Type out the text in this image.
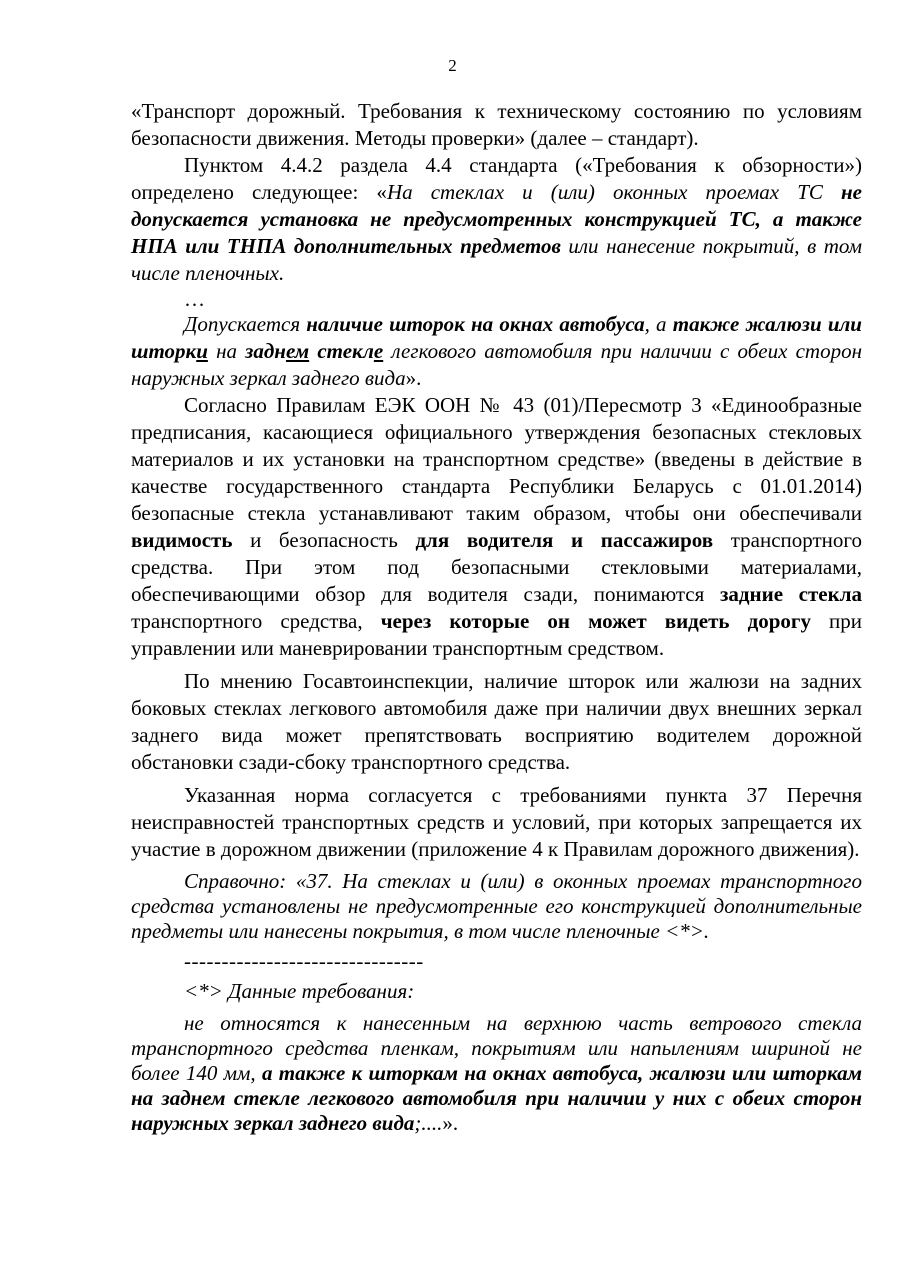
2

«Транспорт дорожный. Требования к техническому состоянию по условиям безопасности движения. Методы проверки» (далее – стандарт).

Пунктом 4.4.2 раздела 4.4 стандарта («Требования к обзорности») определено следующее: «На стеклах и (или) оконных проемах ТС не допускается установка не предусмотренных конструкцией ТС, а также НПА или ТНПА дополнительных предметов или нанесение покрытий, в том числе пленочных.

…

Допускается наличие шторок на окнах автобуса, а также жалюзи или шторки на заднем стекле легкового автомобиля при наличии с обеих сторон наружных зеркал заднего вида».

Согласно Правилам ЕЭК ООН № 43 (01)/Пересмотр 3 «Единообразные предписания, касающиеся официального утверждения безопасных стекловых материалов и их установки на транспортном средстве» (введены в действие в качестве государственного стандарта Республики Беларусь с 01.01.2014) безопасные стекла устанавливают таким образом, чтобы они обеспечивали видимость и безопасность для водителя и пассажиров транспортного средства. При этом под безопасными стекловыми материалами, обеспечивающими обзор для водителя сзади, понимаются задние стекла транспортного средства, через которые он может видеть дорогу при управлении или маневрировании транспортным средством.

По мнению Госавтоинспекции, наличие шторок или жалюзи на задних боковых стеклах легкового автомобиля даже при наличии двух внешних зеркал заднего вида может препятствовать восприятию водителем дорожной обстановки сзади-сбоку транспортного средства.

Указанная норма согласуется с требованиями пункта 37 Перечня неисправностей транспортных средств и условий, при которых запрещается их участие в дорожном движении (приложение 4 к Правилам дорожного движения).

Справочно: «37. На стеклах и (или) в оконных проемах транспортного средства установлены не предусмотренные его конструкцией дополнительные предметы или нанесены покрытия, в том числе пленочные <*>.

--------------------------------

<*> Данные требования:

не относятся к нанесенным на верхнюю часть ветрового стекла транспортного средства пленкам, покрытиям или напылениям шириной не более 140 мм, а также к шторкам на окнах автобуса, жалюзи или шторкам на заднем стекле легкового автомобиля при наличии у них с обеих сторон наружных зеркал заднего вида;....».
